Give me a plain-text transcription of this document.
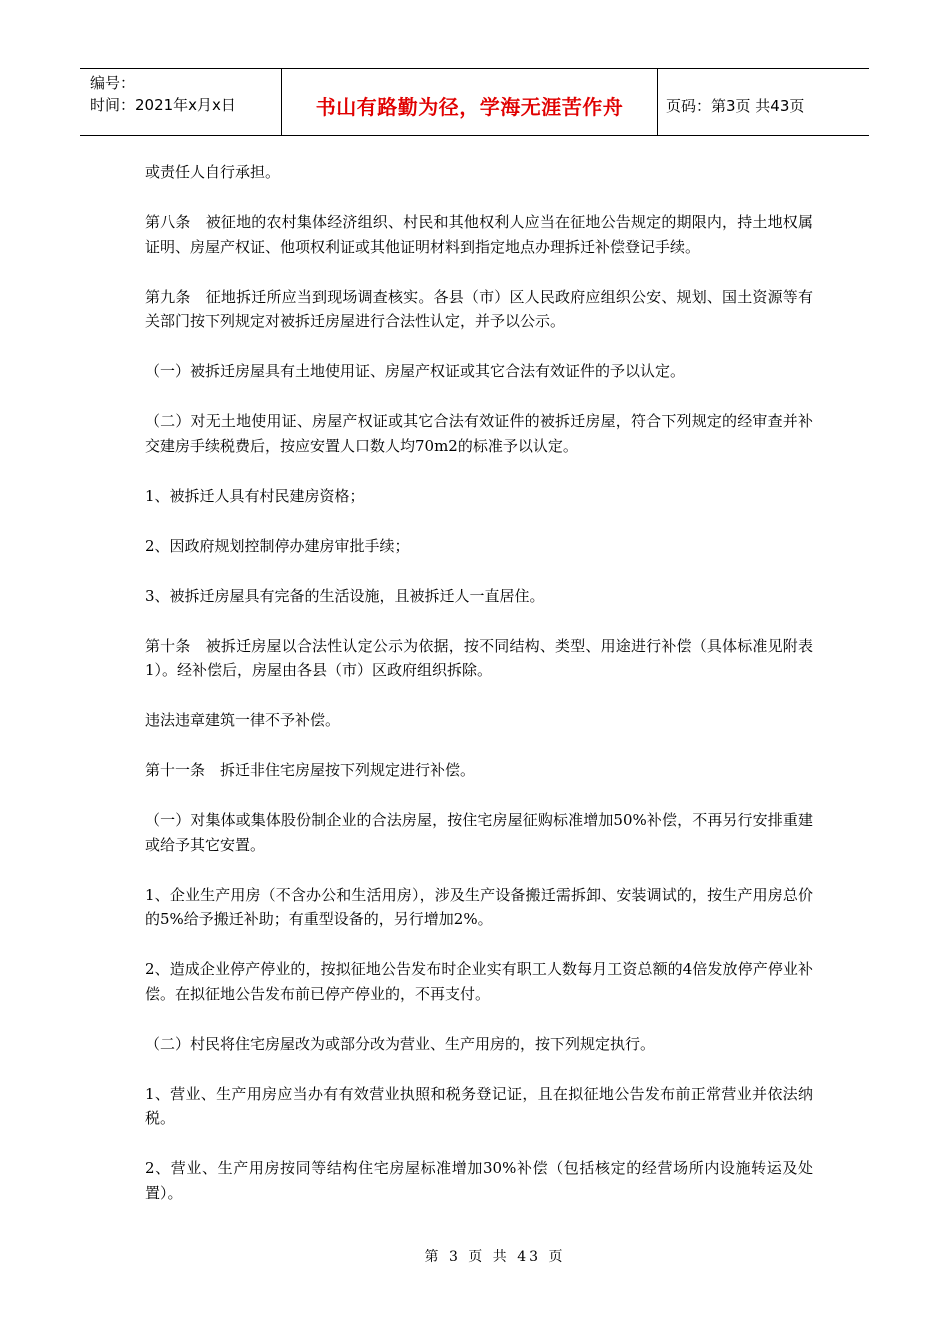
编号：
时间：2021年x月x日	书山有路勤为径，学海无涯苦作舟	页码：第3页 共43页

或责任人自行承担。

第八条　被征地的农村集体经济组织、村民和其他权利人应当在征地公告规定的期限内，持土地权属证明、房屋产权证、他项权利证或其他证明材料到指定地点办理拆迁补偿登记手续。

第九条　征地拆迁所应当到现场调查核实。各县（市）区人民政府应组织公安、规划、国土资源等有关部门按下列规定对被拆迁房屋进行合法性认定，并予以公示。

（一）被拆迁房屋具有土地使用证、房屋产权证或其它合法有效证件的予以认定。

（二）对无土地使用证、房屋产权证或其它合法有效证件的被拆迁房屋，符合下列规定的经审查并补交建房手续税费后，按应安置人口数人均70m2的标准予以认定。

1、被拆迁人具有村民建房资格；

2、因政府规划控制停办建房审批手续；

3、被拆迁房屋具有完备的生活设施，且被拆迁人一直居住。

第十条　被拆迁房屋以合法性认定公示为依据，按不同结构、类型、用途进行补偿（具体标准见附表1）。经补偿后，房屋由各县（市）区政府组织拆除。

违法违章建筑一律不予补偿。

第十一条　拆迁非住宅房屋按下列规定进行补偿。

（一）对集体或集体股份制企业的合法房屋，按住宅房屋征购标准增加50%补偿，不再另行安排重建或给予其它安置。

1、企业生产用房（不含办公和生活用房），涉及生产设备搬迁需拆卸、安装调试的，按生产用房总价的5%给予搬迁补助；有重型设备的，另行增加2%。

2、造成企业停产停业的，按拟征地公告发布时企业实有职工人数每月工资总额的4倍发放停产停业补偿。在拟征地公告发布前已停产停业的，不再支付。

（二）村民将住宅房屋改为或部分改为营业、生产用房的，按下列规定执行。

1、营业、生产用房应当办有有效营业执照和税务登记证，且在拟征地公告发布前正常营业并依法纳税。

2、营业、生产用房按同等结构住宅房屋标准增加30%补偿（包括核定的经营场所内设施转运及处置）。

第 3 页 共 43 页
